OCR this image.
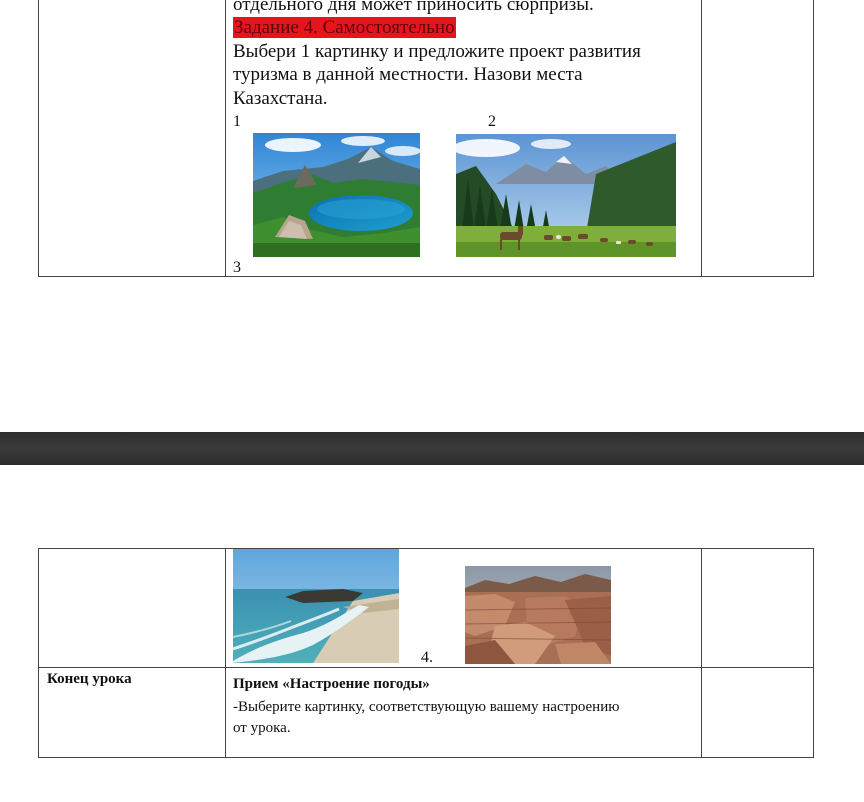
отдельного дня может приносить сюрпризы.
Задание 4. Самостоятельно
Выбери 1 картинку и предложите проект развития
туризма в данной местности. Назови места
Казахстана.
1	2
3
4.
Конец урока	Прием «Настроение погоды»
-Выберите картинку, соответствующую вашему настроению
от урока.
